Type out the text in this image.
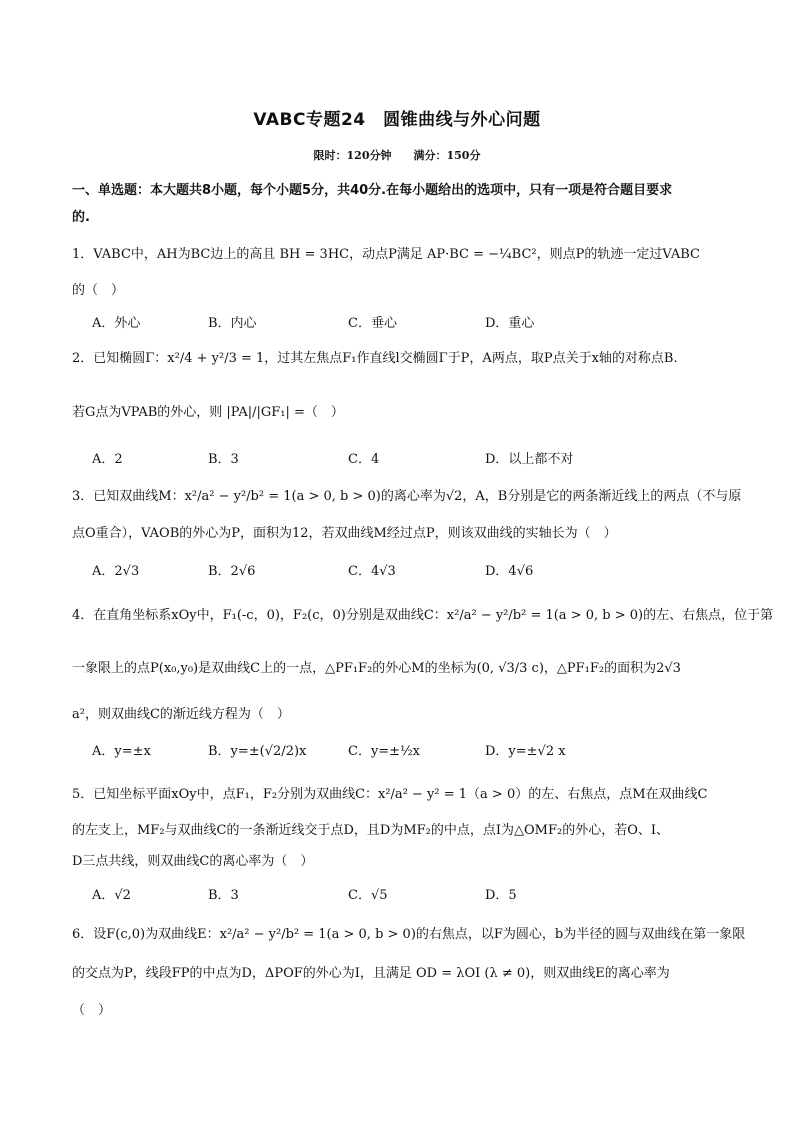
VABC专题24　圆锥曲线与外心问题
限时：120分钟　　满分：150分
一、单选题：本大题共8小题，每个小题5分，共40分.在每小题给出的选项中，只有一项是符合题目要求
的.
1．VABC中，AH为BC边上的高且 BH = 3HC，动点P满足 AP·BC = −¼BC²，则点P的轨迹一定过VABC
的（　）
A．外心	B．内心	C．垂心	D．重心
2．已知椭圆Γ：x²/4 + y²/3 = 1，过其左焦点F₁作直线l交椭圆Γ于P，A两点，取P点关于x轴的对称点B.
若G点为VPAB的外心，则 |PA|/|GF₁| =（　）
A．2	B．3	C．4	D．以上都不对
3．已知双曲线M：x²/a² − y²/b² = 1(a > 0, b > 0)的离心率为√2，A，B分别是它的两条渐近线上的两点（不与原
点O重合），VAOB的外心为P，面积为12，若双曲线M经过点P，则该双曲线的实轴长为（　）
A．2√3	B．2√6	C．4√3	D．4√6
4．在直角坐标系xOy中，F₁(-c，0)，F₂(c，0)分别是双曲线C：x²/a² − y²/b² = 1(a > 0, b > 0)的左、右焦点，位于第
一象限上的点P(x₀,y₀)是双曲线C上的一点，△PF₁F₂的外心M的坐标为(0, √3/3 c)，△PF₁F₂的面积为2√3
a²，则双曲线C的渐近线方程为（　）
A．y=±x	B．y=±(√2/2)x	C．y=±½x	D．y=±√2 x
5．已知坐标平面xOy中，点F₁，F₂分别为双曲线C：x²/a² − y² = 1（a > 0）的左、右焦点，点M在双曲线C
的左支上，MF₂与双曲线C的一条渐近线交于点D，且D为MF₂的中点，点I为△OMF₂的外心，若O、I、
D三点共线，则双曲线C的离心率为（　）
A．√2	B．3	C．√5	D．5
6．设F(c,0)为双曲线E：x²/a² − y²/b² = 1(a > 0, b > 0)的右焦点，以F为圆心，b为半径的圆与双曲线在第一象限
的交点为P，线段FP的中点为D，ΔPOF的外心为I，且满足 OD = λOI (λ ≠ 0)，则双曲线E的离心率为
（　）
